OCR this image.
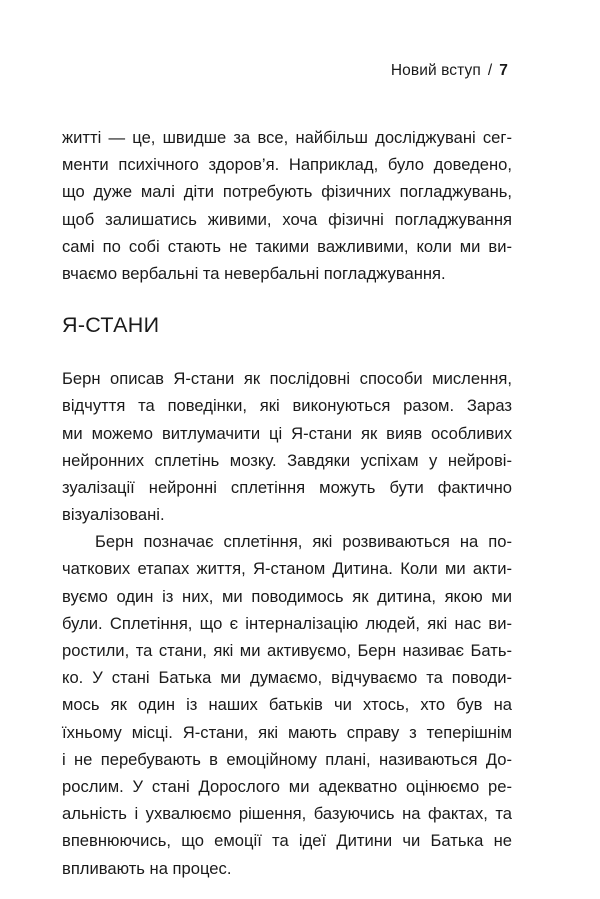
Новий вступ / 7

житті — це, швидше за все, найбільш досліджувані сег-
менти психічного здоров’я. Наприклад, було доведено,
що дуже малі діти потребують фізичних погладжувань,
щоб залишатись живими, хоча фізичні погладжування
самі по собі стають не такими важливими, коли ми ви-
вчаємо вербальні та невербальні погладжування.

Я-СТАНИ

Берн описав Я-стани як послідовні способи мислення,
відчуття та поведінки, які виконуються разом. Зараз
ми можемо витлумачити ці Я-стани як вияв особливих
нейронних сплетінь мозку. Завдяки успіхам у нейрові-
зуалізації нейронні сплетіння можуть бути фактично
візуалізовані.

Берн позначає сплетіння, які розвиваються на по-
чаткових етапах життя, Я-станом Дитина. Коли ми акти-
вуємо один із них, ми поводимось як дитина, якою ми
були. Сплетіння, що є інтерналізацію людей, які нас ви-
ростили, та стани, які ми активуємо, Берн називає Бать-
ко. У стані Батька ми думаємо, відчуваємо та поводи-
мось як один із наших батьків чи хтось, хто був на
їхньому місці. Я-стани, які мають справу з теперішнім
і не перебувають в емоційному плані, називаються До-
рослим. У стані Дорослого ми адекватно оцінюємо ре-
альність і ухвалюємо рішення, базуючись на фактах, та
впевнюючись, що емоції та ідеї Дитини чи Батька не
впливають на процес.
